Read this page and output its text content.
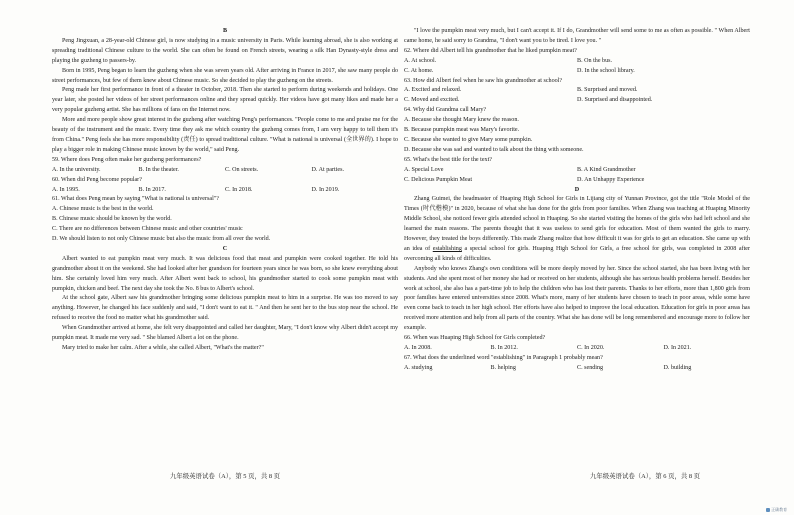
B

Peng Jingxuan, a 28-year-old Chinese girl, is now studying in a music university in Paris. While learning abroad, she is also working at spreading traditional Chinese culture to the world. She can often be found on French streets, wearing a silk Han Dynasty-style dress and playing the guzheng to passers-by.

Born in 1995, Peng began to learn the guzheng when she was seven years old. After arriving in France in 2017, she saw many people do street performances, but few of them knew about Chinese music. So she decided to play the guzheng on the streets.

Peng made her first performance in front of a theater in October, 2018. Then she started to perform during weekends and holidays. One year later, she posted her videos of her street performances online and they spread quickly. Her videos have got many likes and made her a very popular guzheng artist. She has millions of fans on the Internet now.

More and more people show great interest in the guzheng after watching Peng's performances. "People come to me and praise me for the beauty of the instrument and the music. Every time they ask me which country the guzheng comes from, I am very happy to tell them it's from China." Peng feels she has more responsibility (责任) to spread traditional culture. "What is national is universal (全世界的). I hope to play a bigger role in making Chinese music known by the world," said Peng.

59. Where does Peng often make her guzheng performances?

A. In the university.	B. In the theater.	C. On streets.	D. At parties.

60. When did Peng become popular?

A. In 1995.	B. In 2017.	C. In 2018.	D. In 2019.

61. What does Peng mean by saying "What is national is universal"?

A. Chinese music is the best in the world.
B. Chinese music should be known by the world.
C. There are no differences between Chinese music and other countries' music
D. We should listen to not only Chinese music but also the music from all over the world.

C

Albert wanted to eat pumpkin meat very much. It was delicious food that meat and pumpkin were cooked together. He told his grandmother about it on the weekend. She had looked after her grandson for fourteen years since he was born, so she knew everything about him. She certainly loved him very much. After Albert went back to school, his grandmother started to cook some pumpkin meat with pumpkin, chicken and beef. The next day she took the No. 8 bus to Albert's school.

At the school gate, Albert saw his grandmother bringing some delicious pumpkin meat to him in a surprise. He was too moved to say anything. However, he changed his face suddenly and said, "I don't want to eat it. " And then he sent her to the bus stop near the school. He refused to receive the food no matter what his grandmother said.

When Grandmother arrived at home, she felt very disappointed and called her daughter, Mary, "I don't know why Albert didn't accept my pumpkin meat. It made me very sad. " She blamed Albert a lot on the phone.

Mary tried to make her calm. After a while, she called Albert, "What's the matter?"

九年级英语试卷（A），第 5 页，共 8 页

"I love the pumpkin meat very much, but I can't accept it. If I do, Grandmother will send some to me as often as possible. " When Albert came home, he said sorry to Grandma, "I don't want you to be tired. I love you. "

62. Where did Albert tell his grandmother that he liked pumpkin meat?

A. At school.	B. On the bus.
C. At home.	D. In the school library.

63. How did Albert feel when he saw his grandmother at school?

A. Excited and relaxed.	B. Surprised and moved.
C. Moved and excited.	D. Surprised and disappointed.

64. Why did Grandma call Mary?

A. Because she thought Mary knew the reason.
B. Because pumpkin meat was Mary's favorite.
C. Because she wanted to give Mary some pumpkin.
D. Because she was sad and wanted to talk about the thing with someone.

65. What's the best title for the text?

A. Special Love	B. A Kind Grandmother
C. Delicious Pumpkin Meat	D. An Unhappy Experience

D

Zhang Guimei, the headmaster of Huaping High School for Girls in Lijiang city of Yunnan Province, got the title "Role Model of the Times (时代楷模)" in 2020, because of what she has done for the girls from poor families. When Zhang was teaching at Huaping Minority Middle School, she noticed fewer girls attended school in Huaping. So she started visiting the homes of the girls who had left school and she learned the main reasons. The parents thought that it was useless to send girls for education. Most of them wanted the girls to marry. However, they treated the boys differently. This made Zhang realize that how difficult it was for girls to get an education. She came up with an idea of establishing a special school for girls. Huaping High School for Girls, a free school for girls, was completed in 2008 after overcoming all kinds of difficulties.

Anybody who knows Zhang's own conditions will be more deeply moved by her. Since the school started, she has been living with her students. And she spent most of her money she had or received on her students, although she has serious health problems herself. Besides her work at school, she also has a part-time job to help the children who has lost their parents. Thanks to her efforts, more than 1,800 girls from poor families have entered universities since 2008. What's more, many of her students have chosen to teach in poor areas, while some have even come back to teach in her high school. Her efforts have also helped to improve the local education. Education for girls in poor areas has received more attention and help from all parts of the country. What she has done will be long remembered and encourage more to follow her example.

66. When was Huaping High School for Girls completed?

A. In 2008.	B. In 2012.	C. In 2020.	D. In 2021.

67. What does the underlined word "establishing" in Paragraph 1 probably mean?

A. studying	B. helping	C. sending	D. building
九年级英语试卷（A），第 6 页，共 8 页
正确教育
